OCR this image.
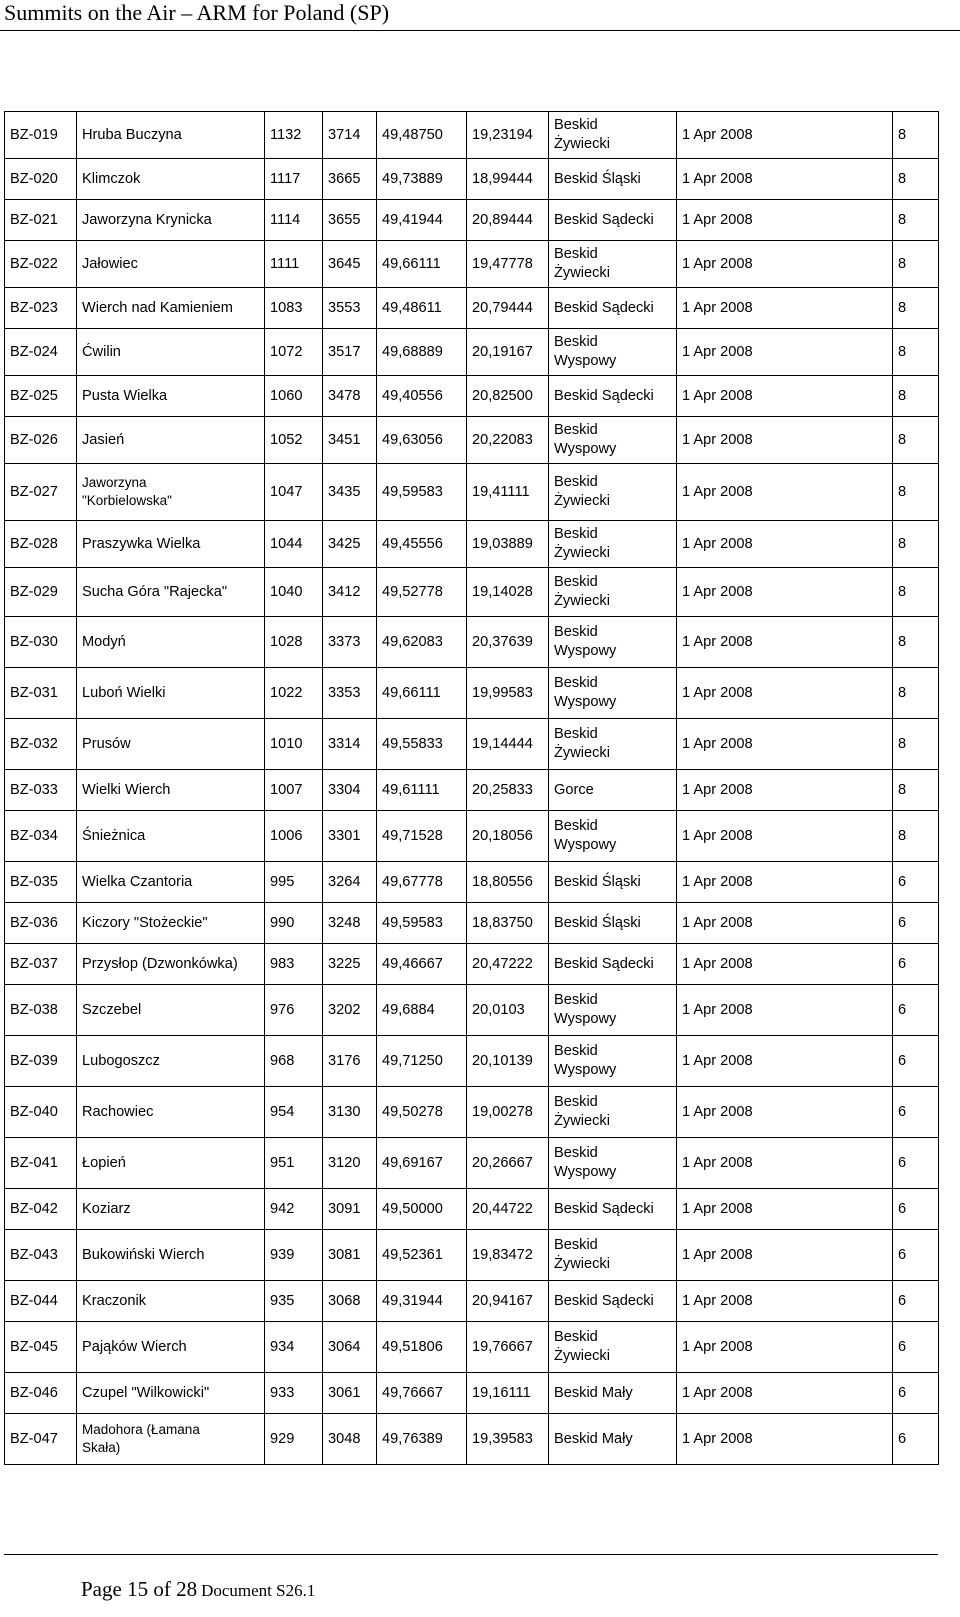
Summits on the Air – ARM for Poland (SP)
BZ-019	Hruba Buczyna	1132	3714	49,48750	19,23194	Beskid
Żywiecki	1 Apr 2008	8
BZ-020	Klimczok	1117	3665	49,73889	18,99444	Beskid Śląski	1 Apr 2008	8
BZ-021	Jaworzyna Krynicka	1114	3655	49,41944	20,89444	Beskid Sądecki	1 Apr 2008	8
BZ-022	Jałowiec	1111	3645	49,66111	19,47778	Beskid
Żywiecki	1 Apr 2008	8
BZ-023	Wierch nad Kamieniem	1083	3553	49,48611	20,79444	Beskid Sądecki	1 Apr 2008	8
BZ-024	Ćwilin	1072	3517	49,68889	20,19167	Beskid
Wyspowy	1 Apr 2008	8
BZ-025	Pusta Wielka	1060	3478	49,40556	20,82500	Beskid Sądecki	1 Apr 2008	8
BZ-026	Jasień	1052	3451	49,63056	20,22083	Beskid
Wyspowy	1 Apr 2008	8
BZ-027	Jaworzyna
"Korbielowska"	1047	3435	49,59583	19,41111	Beskid
Żywiecki	1 Apr 2008	8
BZ-028	Praszywka Wielka	1044	3425	49,45556	19,03889	Beskid
Żywiecki	1 Apr 2008	8
BZ-029	Sucha Góra "Rajecka"	1040	3412	49,52778	19,14028	Beskid
Żywiecki	1 Apr 2008	8
BZ-030	Modyń	1028	3373	49,62083	20,37639	Beskid
Wyspowy	1 Apr 2008	8
BZ-031	Luboń Wielki	1022	3353	49,66111	19,99583	Beskid
Wyspowy	1 Apr 2008	8
BZ-032	Prusów	1010	3314	49,55833	19,14444	Beskid
Żywiecki	1 Apr 2008	8
BZ-033	Wielki Wierch	1007	3304	49,61111	20,25833	Gorce	1 Apr 2008	8
BZ-034	Śnieżnica	1006	3301	49,71528	20,18056	Beskid
Wyspowy	1 Apr 2008	8
BZ-035	Wielka Czantoria	995	3264	49,67778	18,80556	Beskid Śląski	1 Apr 2008	6
BZ-036	Kiczory "Stożeckie"	990	3248	49,59583	18,83750	Beskid Śląski	1 Apr 2008	6
BZ-037	Przysłop (Dzwonkówka)	983	3225	49,46667	20,47222	Beskid Sądecki	1 Apr 2008	6
BZ-038	Szczebel	976	3202	49,6884	20,0103	Beskid
Wyspowy	1 Apr 2008	6
BZ-039	Lubogoszcz	968	3176	49,71250	20,10139	Beskid
Wyspowy	1 Apr 2008	6
BZ-040	Rachowiec	954	3130	49,50278	19,00278	Beskid
Żywiecki	1 Apr 2008	6
BZ-041	Łopień	951	3120	49,69167	20,26667	Beskid
Wyspowy	1 Apr 2008	6
BZ-042	Koziarz	942	3091	49,50000	20,44722	Beskid Sądecki	1 Apr 2008	6
BZ-043	Bukowiński Wierch	939	3081	49,52361	19,83472	Beskid
Żywiecki	1 Apr 2008	6
BZ-044	Kraczonik	935	3068	49,31944	20,94167	Beskid Sądecki	1 Apr 2008	6
BZ-045	Pająków Wierch	934	3064	49,51806	19,76667	Beskid
Żywiecki	1 Apr 2008	6
BZ-046	Czupel "Wilkowicki"	933	3061	49,76667	19,16111	Beskid Mały	1 Apr 2008	6
BZ-047	Madohora (Łamana
Skała)	929	3048	49,76389	19,39583	Beskid Mały	1 Apr 2008	6
Page 15 of 28 Document S26.1
